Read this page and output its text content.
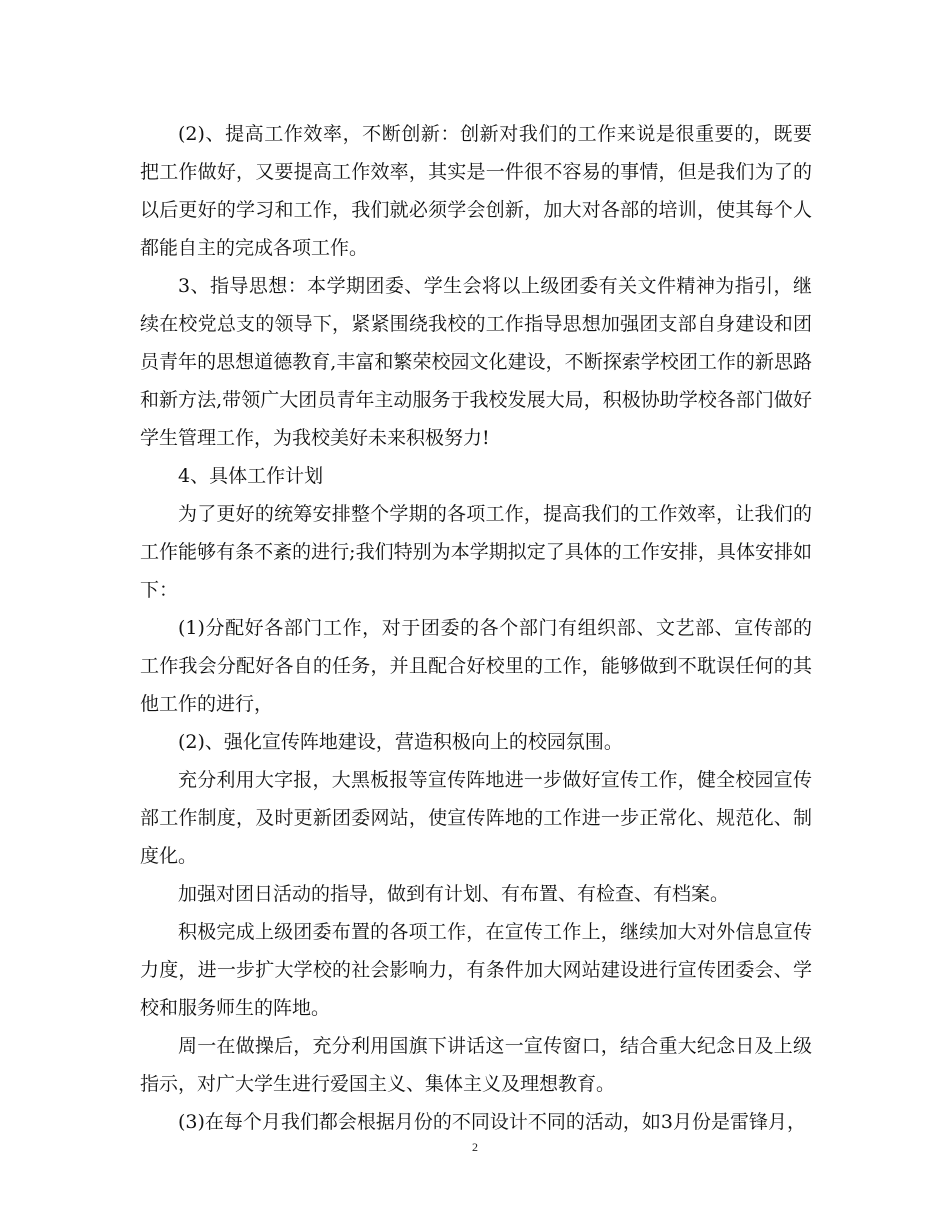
(2)、提高工作效率，不断创新：创新对我们的工作来说是很重要的，既要把工作做好，又要提高工作效率，其实是一件很不容易的事情，但是我们为了的以后更好的学习和工作，我们就必须学会创新，加大对各部的培训，使其每个人都能自主的完成各项工作。

3、指导思想：本学期团委、学生会将以上级团委有关文件精神为指引，继续在校党总支的领导下，紧紧围绕我校的工作指导思想加强团支部自身建设和团员青年的思想道德教育,丰富和繁荣校园文化建设，不断探索学校团工作的新思路和新方法,带领广大团员青年主动服务于我校发展大局，积极协助学校各部门做好学生管理工作，为我校美好未来积极努力!

4、具体工作计划

为了更好的统筹安排整个学期的各项工作，提高我们的工作效率，让我们的工作能够有条不紊的进行;我们特别为本学期拟定了具体的工作安排，具体安排如下：

(1)分配好各部门工作，对于团委的各个部门有组织部、文艺部、宣传部的工作我会分配好各自的任务，并且配合好校里的工作，能够做到不耽误任何的其他工作的进行，

(2)、强化宣传阵地建设，营造积极向上的校园氛围。

充分利用大字报，大黑板报等宣传阵地进一步做好宣传工作，健全校园宣传部工作制度，及时更新团委网站，使宣传阵地的工作进一步正常化、规范化、制度化。

加强对团日活动的指导，做到有计划、有布置、有检查、有档案。

积极完成上级团委布置的各项工作，在宣传工作上，继续加大对外信息宣传力度，进一步扩大学校的社会影响力，有条件加大网站建设进行宣传团委会、学校和服务师生的阵地。

周一在做操后，充分利用国旗下讲话这一宣传窗口，结合重大纪念日及上级指示，对广大学生进行爱国主义、集体主义及理想教育。

(3)在每个月我们都会根据月份的不同设计不同的活动，如3月份是雷锋月，

2
